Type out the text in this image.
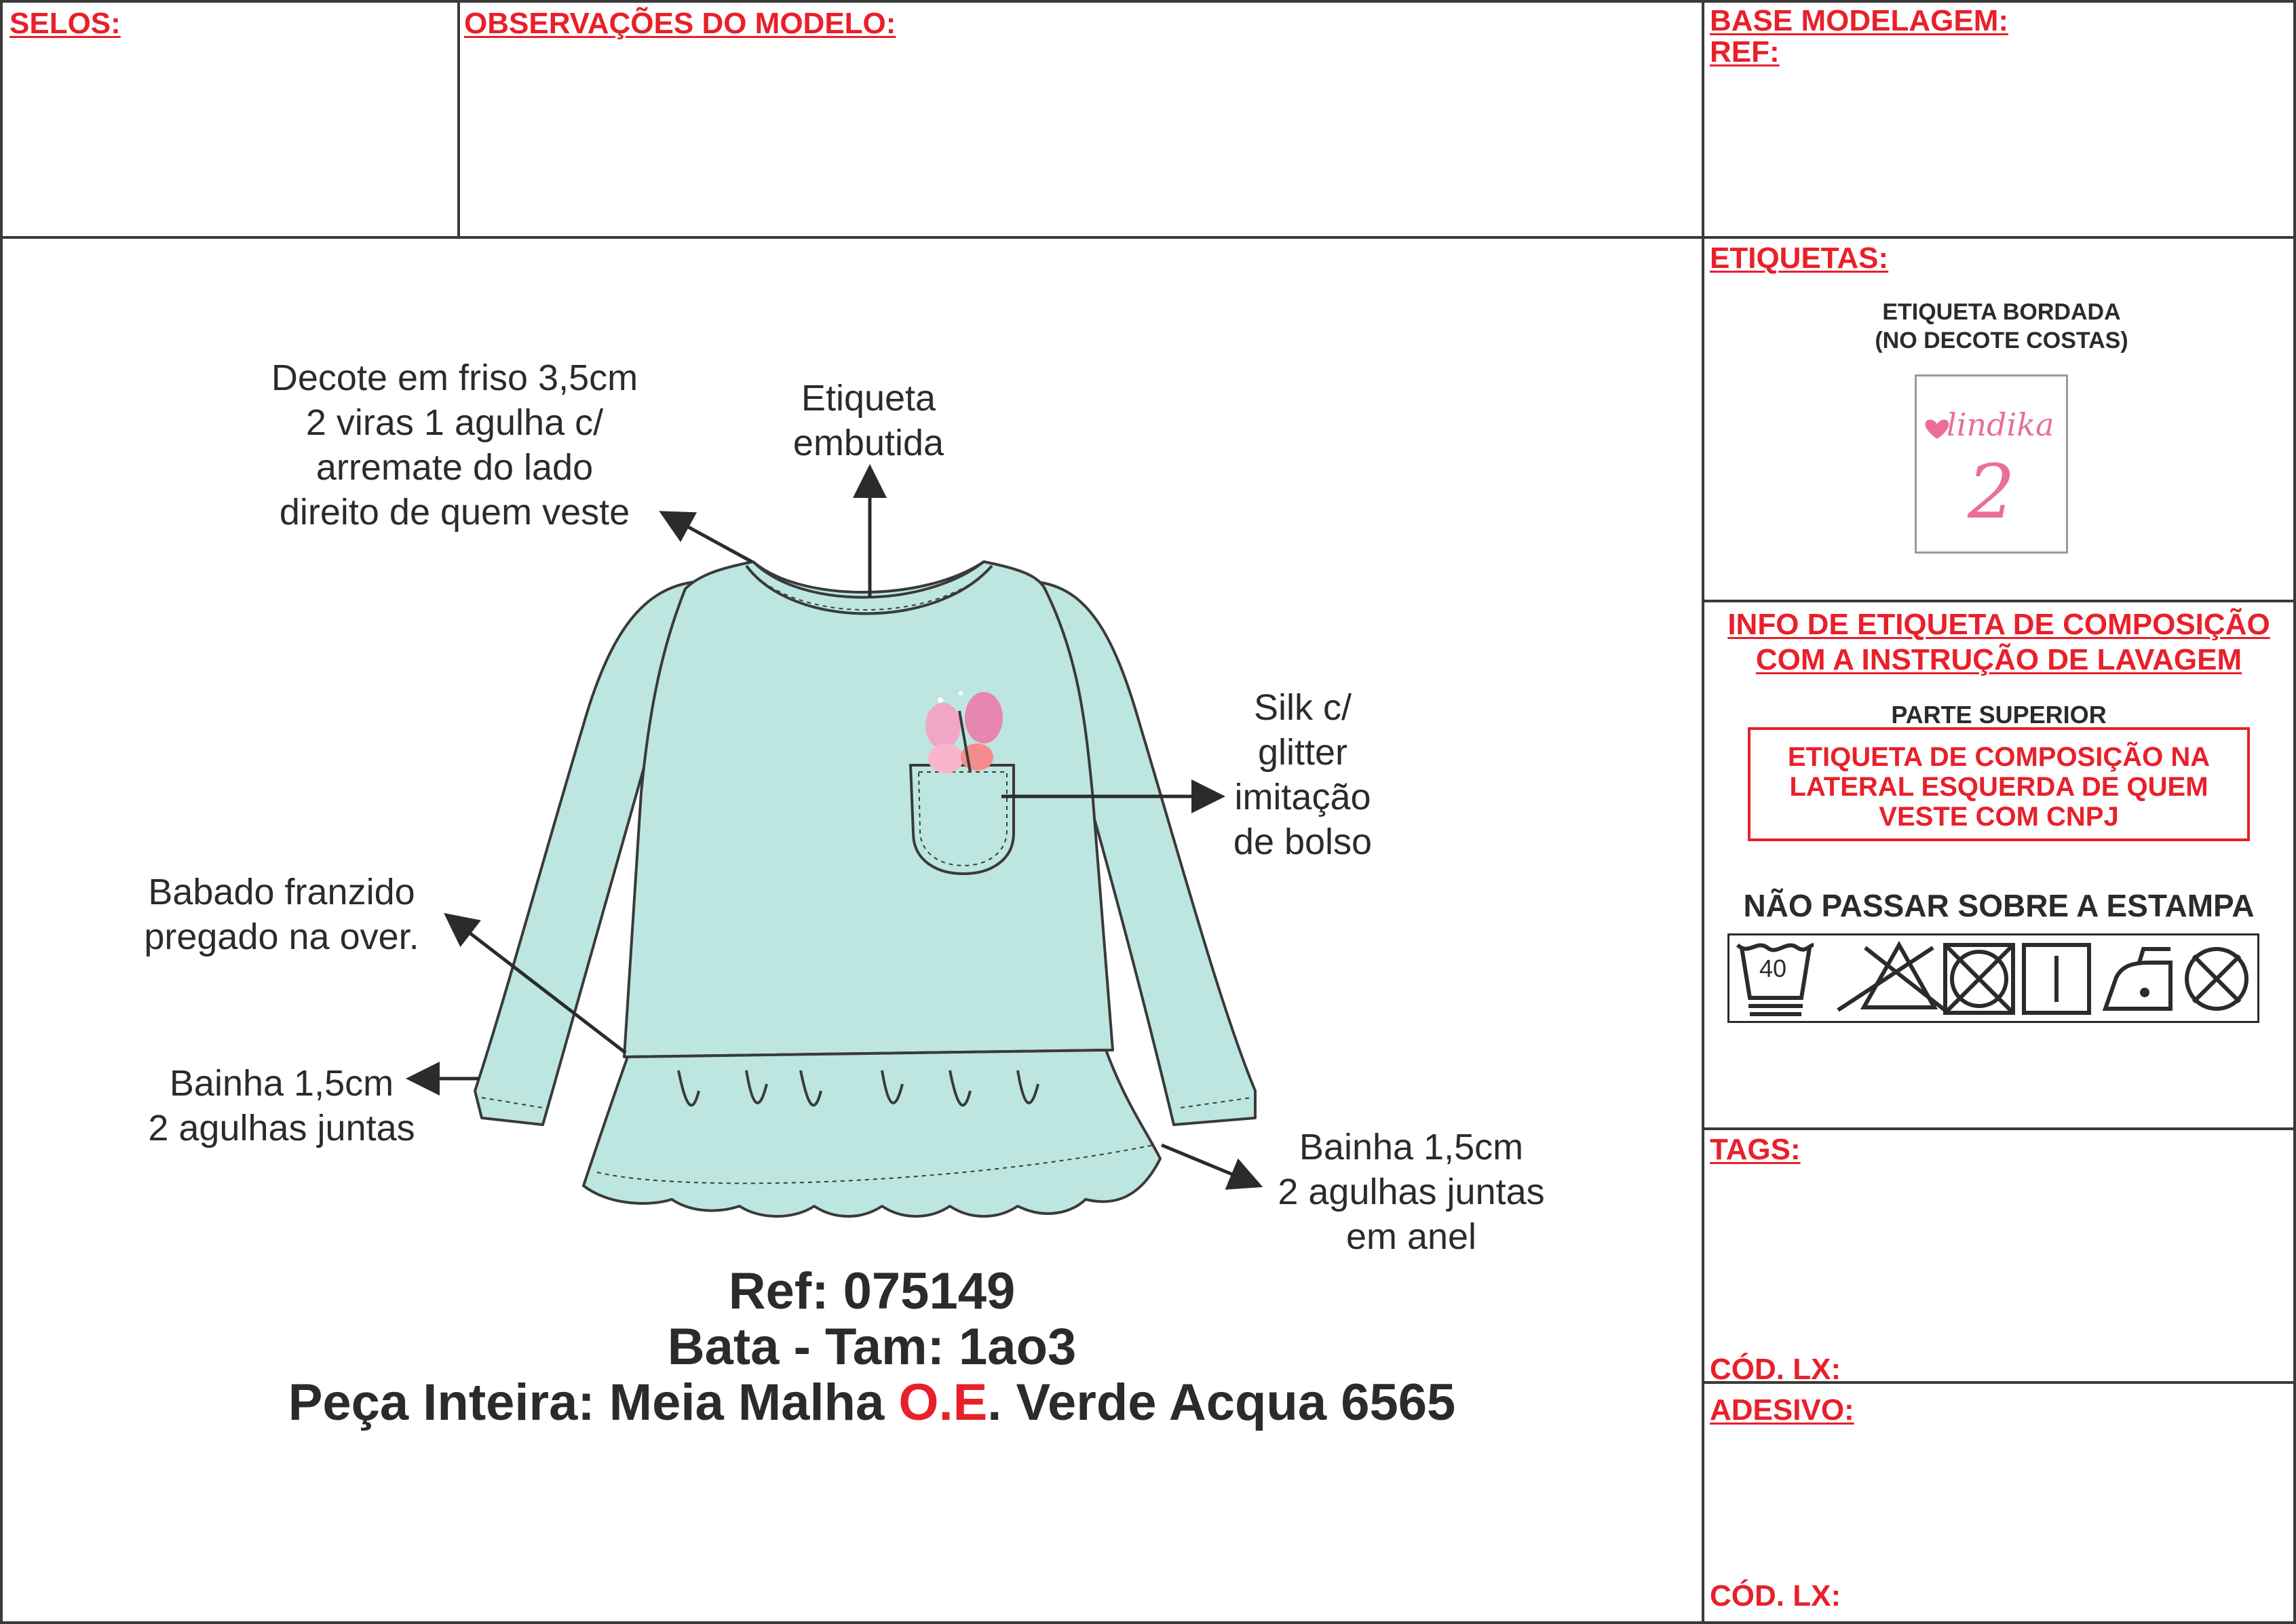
SELOS:	OBSERVAÇÕES DO MODELO:	BASE MODELAGEM:
REF:
ETIQUETAS:
ETIQUETA BORDADA
(NO DECOTE COSTAS)
lindika
2
INFO DE ETIQUETA DE COMPOSIÇÃO
COM A INSTRUÇÃO DE LAVAGEM
PARTE SUPERIOR
ETIQUETA DE COMPOSIÇÃO NA
LATERAL ESQUERDA DE QUEM
VESTE COM CNPJ
NÃO PASSAR SOBRE A ESTAMPA
40
TAGS:
CÓD. LX:
ADESIVO:
CÓD. LX:
Decote em friso 3,5cm
2 viras 1 agulha c/
arremate do lado
direito de quem veste
Etiqueta
embutida
Silk c/
glitter
imitação
de bolso
Babado franzido
pregado na over.
Bainha 1,5cm
2 agulhas juntas	Bainha 1,5cm
2 agulhas juntas
em anel
Ref: 075149
Bata - Tam: 1ao3
Peça Inteira: Meia Malha O.E. Verde Acqua 6565
